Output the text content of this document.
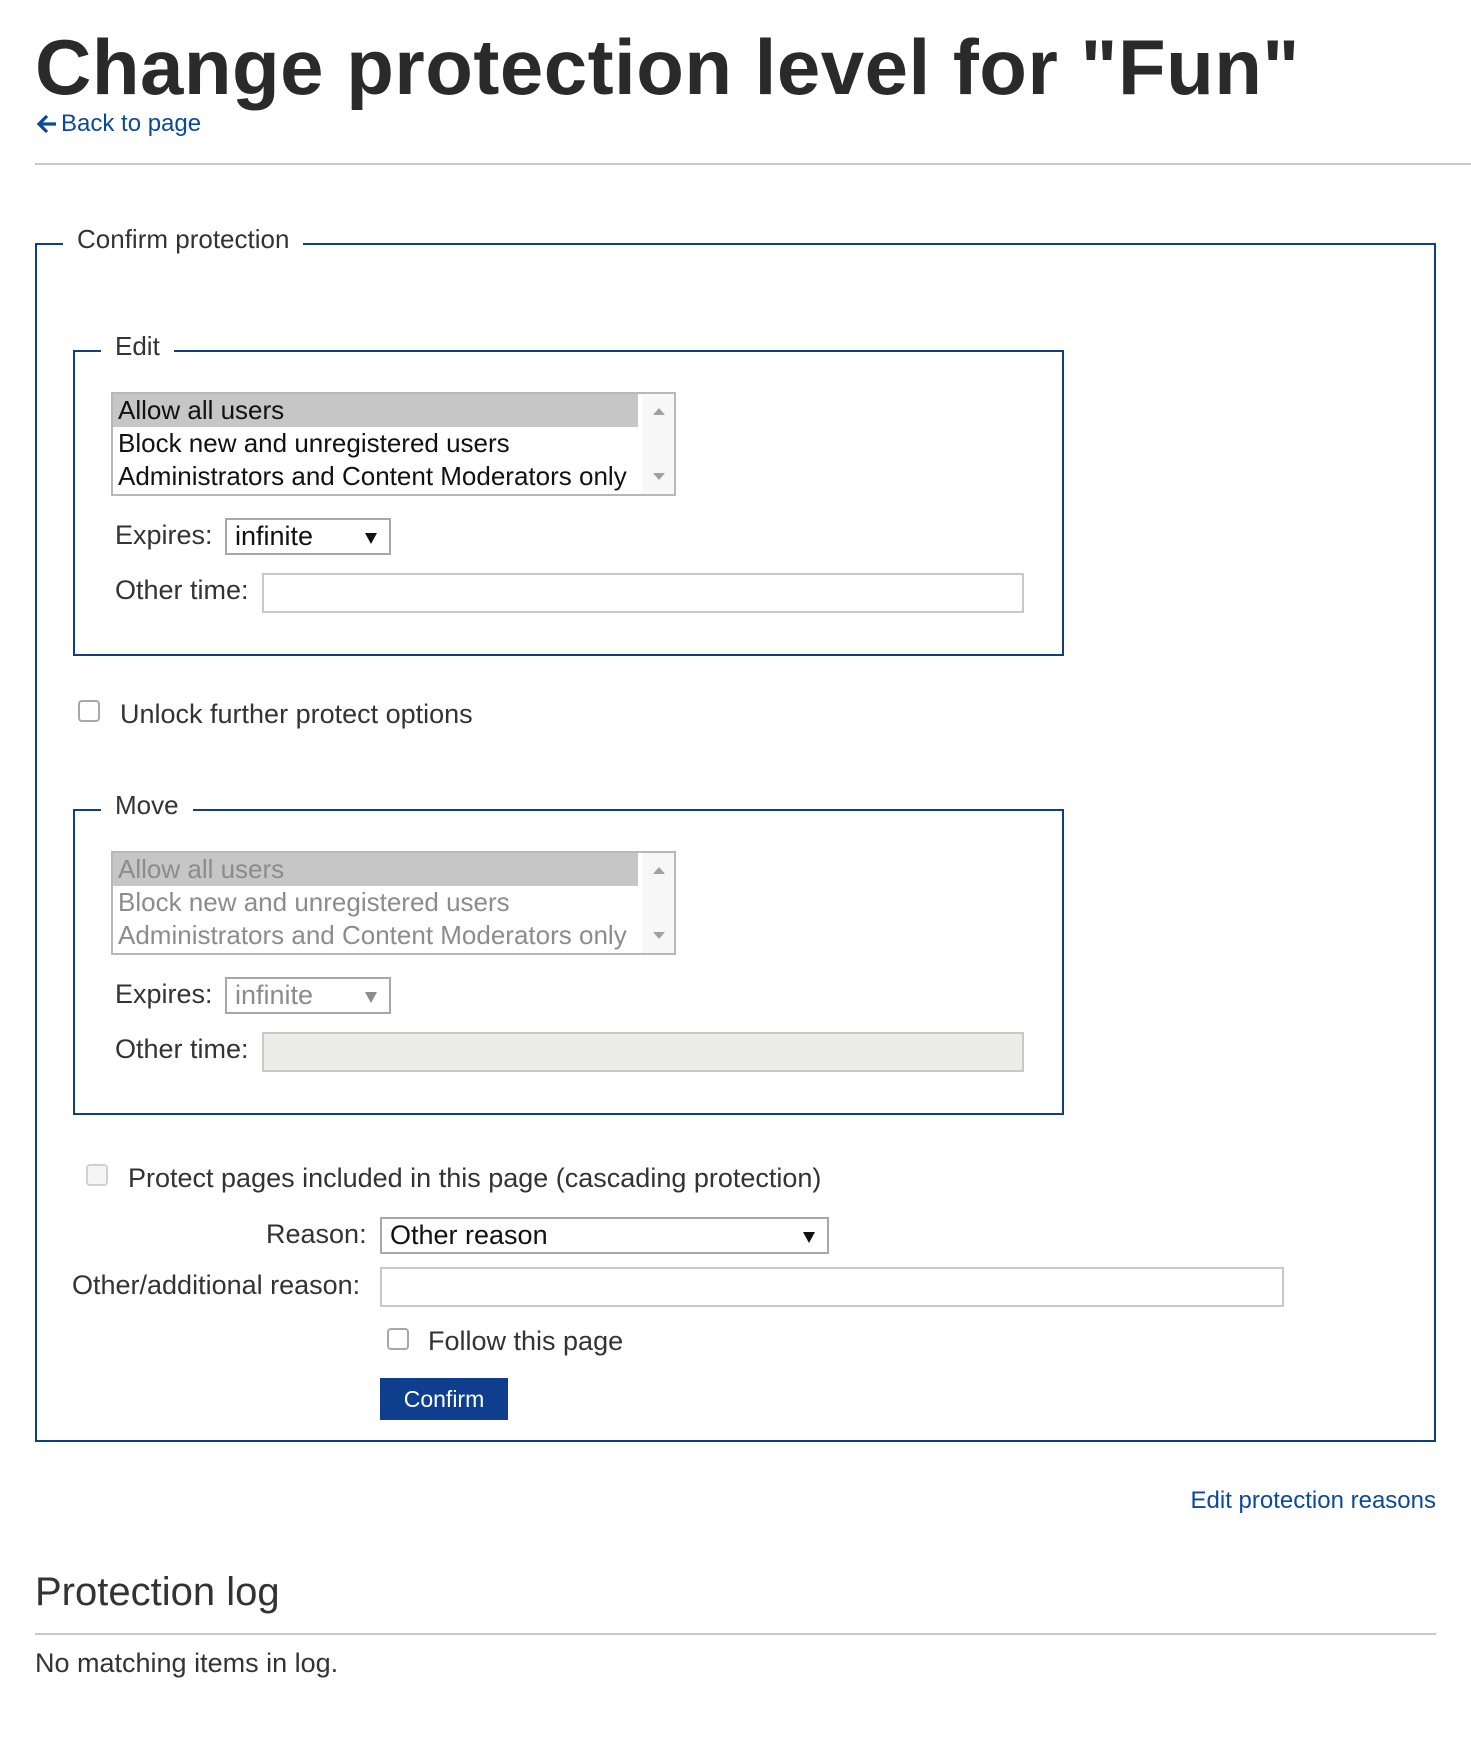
Change protection level for "Fun"
Back to page
Confirm protection
Edit
Allow all users
Block new and unregistered users
Administrators and Content Moderators only
Expires: infinite
Other time:
Unlock further protect options
Move
Allow all users
Block new and unregistered users
Administrators and Content Moderators only
Expires: infinite
Other time:
Protect pages included in this page (cascading protection)
Reason: Other reason
Other/additional reason:
Follow this page
Confirm
Edit protection reasons
Protection log
No matching items in log.
